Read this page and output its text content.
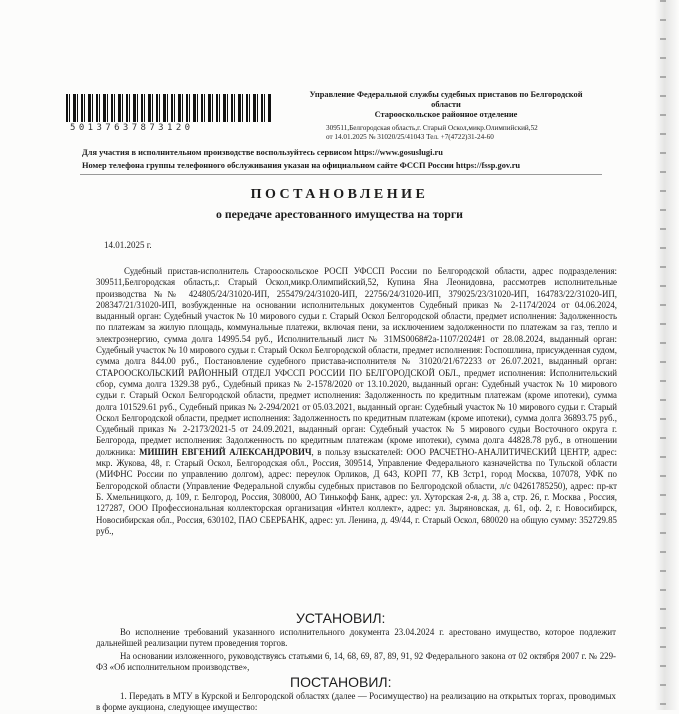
50137637873120
Управление Федеральной службы судебных приставов по Белгородской
области
Старооскольское районное отделение
309511,Белгородская область,г. Старый Оскол,микр.Олимпийский,52
от 14.01.2025 № 31020/25/41043 Тел. +7(4722)31-24-60
Для участия в исполнительном производстве воспользуйтесь сервисом https://www.gosuslugi.ru
Номер телефона группы телефонного обслуживания указан на официальном сайте ФССП России https://fssp.gov.ru
ПОСТАНОВЛЕНИЕ
о передаче арестованного имущества на торги
14.01.2025 г.

Судебный пристав-исполнитель Старооскольское РОСП УФССП России по Белгородской области, адрес подразделения: 309511,Белгородская область,г. Старый Оскол,микр.Олимпийский,52, Купина Яна Леонидовна, рассмотрев исполнительные производства №№ 424805/24/31020-ИП, 255479/24/31020-ИП, 22756/24/31020-ИП, 379025/23/31020-ИП, 164783/22/31020-ИП, 208347/21/31020-ИП, возбужденные на основании исполнительных документов Судебный приказ № 2-1174/2024 от 04.06.2024, выданный орган: Судебный участок № 10 мирового судьи г. Старый Оскол Белгородской области, предмет исполнения: Задолженность по платежам за жилую площадь, коммунальные платежи, включая пени, за исключением задолженности по платежам за газ, тепло и электроэнергию, сумма долга 14995.54 руб., Исполнительный лист № 31MS0068#2a-1107/2024#1 от 28.08.2024, выданный орган: Судебный участок № 10 мирового судьи г. Старый Оскол Белгородской области, предмет исполнения: Госпошлина, присужденная судом, сумма долга 844.00 руб., Постановление судебного пристава-исполнителя № 31020/21/672233 от 26.07.2021, выданный орган: СТАРООСКОЛЬСКИЙ РАЙОННЫЙ ОТДЕЛ УФССП РОССИИ ПО БЕЛГОРОДСКОЙ ОБЛ., предмет исполнения: Исполнительский сбор, сумма долга 1329.38 руб., Судебный приказ № 2-1578/2020 от 13.10.2020, выданный орган: Судебный участок № 10 мирового судьи г. Старый Оскол Белгородской области, предмет исполнения: Задолженность по кредитным платежам (кроме ипотеки), сумма долга 101529.61 руб., Судебный приказ № 2-294/2021 от 05.03.2021, выданный орган: Судебный участок № 10 мирового судьи г. Старый Оскол Белгородской области, предмет исполнения: Задолженность по кредитным платежам (кроме ипотеки), сумма долга 36893.75 руб., Судебный приказ № 2-2173/2021-5 от 24.09.2021, выданный орган: Судебный участок № 5 мирового судьи Восточного округа г. Белгорода, предмет исполнения: Задолженность по кредитным платежам (кроме ипотеки), сумма долга 44828.78 руб., в отношении должника: МИШИН ЕВГЕНИЙ АЛЕКСАНДРОВИЧ, в пользу взыскателей: ООО РАСЧЕТНО-АНАЛИТИЧЕСКИЙ ЦЕНТР, адрес: мкр. Жукова, 48, г. Старый Оскол, Белгородская обл., Россия, 309514, Управление Федерального казначейства по Тульской области (МИФНС России по управлению долгом), адрес: переулок Орликов, Д 643, КОРП 77, КВ 3стр1, город Москва, 107078, УФК по Белгородской области (Управление Федеральной службы судебных приставов по Белгородской области, л/с 04261785250), адрес: пр-кт Б. Хмельницкого, д. 109, г. Белгород, Россия, 308000, АО Тинькофф Банк, адрес: ул. Хуторская 2-я, д. 38 а, стр. 26, г. Москва , Россия, 127287, ООО Профессиональная коллекторская организация «Интел коллект», адрес: ул. Зыряновская, д. 61, оф. 2, г. Новосибирск, Новосибирская обл., Россия, 630102, ПАО СБЕРБАНК, адрес: ул. Ленина, д. 49/44, г. Старый Оскол, 680020 на общую сумму: 352729.85 руб.,

УСТАНОВИЛ:

Во исполнение требований указанного исполнительного документа 23.04.2024 г. арестовано имущество, которое подлежит дальнейшей реализации путем проведения торгов.

На основании изложенного, руководствуясь статьями 6, 14, 68, 69, 87, 89, 91, 92 Федерального закона от 02 октября 2007 г. № 229-ФЗ «Об исполнительном производстве»,

ПОСТАНОВИЛ:

1. Передать в МТУ в Курской и Белгородской областях (далее — Росимущество) на реализацию на открытых торгах, проводимых в форме аукциона, следующее имущество:
